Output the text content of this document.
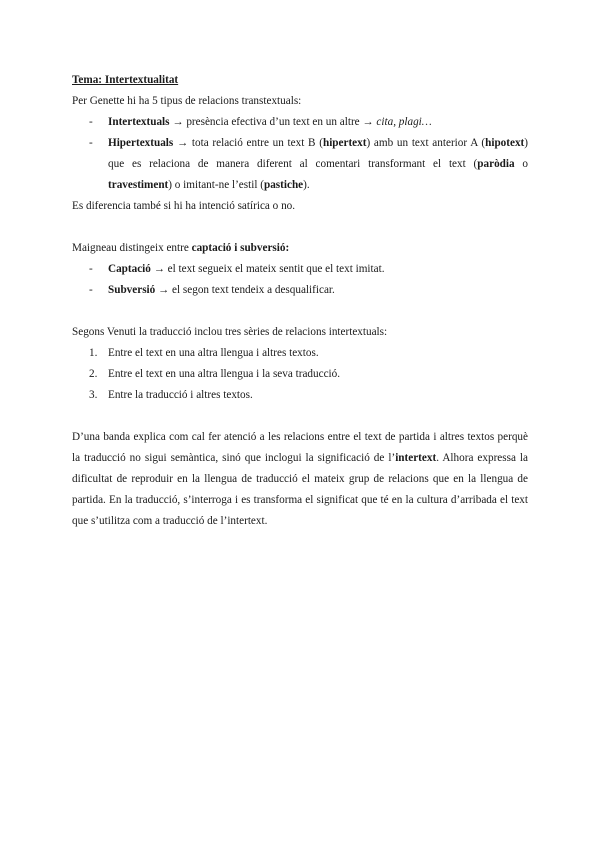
Tema: Intertextualitat

Per Genette hi ha 5 tipus de relacions transtextuals:

- Intertextuals → presència efectiva d’un text en un altre → cita, plagi…
- Hipertextuals → tota relació entre un text B (hipertext) amb un text anterior A (hipotext) que es relaciona de manera diferent al comentari transformant el text (paròdia o travestiment) o imitant-ne l’estil (pastiche).

Es diferencia també si hi ha intenció satírica o no.

Maigneau distingeix entre captació i subversió:

- Captació → el text segueix el mateix sentit que el text imitat.
- Subversió → el segon text tendeix a desqualificar.

Segons Venuti la traducció inclou tres sèries de relacions intertextuals:

1. Entre el text en una altra llengua i altres textos.
2. Entre el text en una altra llengua i la seva traducció.
3. Entre la traducció i altres textos.

D’una banda explica com cal fer atenció a les relacions entre el text de partida i altres textos perquè la traducció no sigui semàntica, sinó que inclogui la significació de l’intertext. Alhora expressa la dificultat de reproduir en la llengua de traducció el mateix grup de relacions que en la llengua de partida. En la traducció, s’interroga i es transforma el significat que té en la cultura d’arribada el text que s’utilitza com a traducció de l’intertext.
